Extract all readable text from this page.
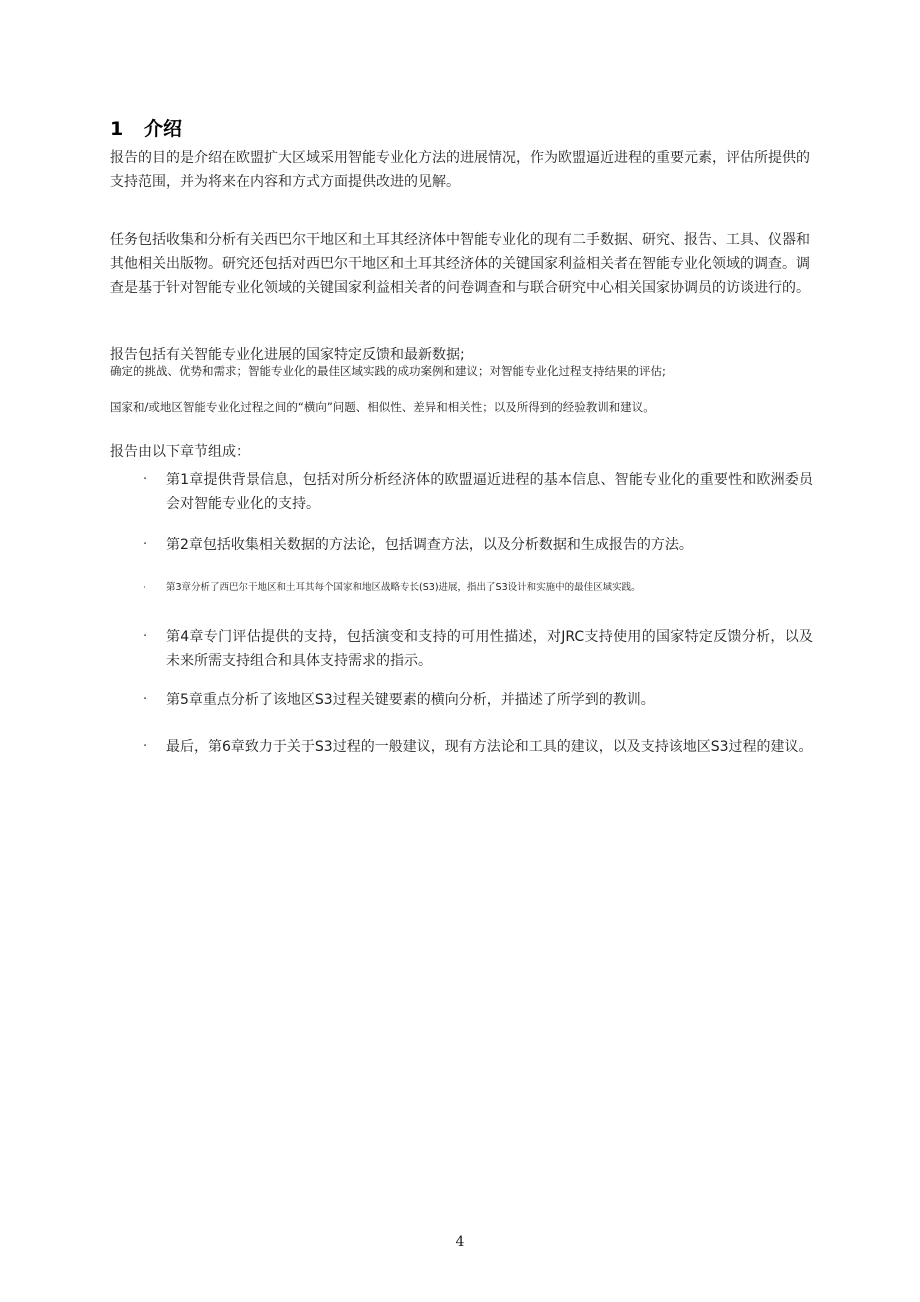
1 介绍

报告的目的是介绍在欧盟扩大区域采用智能专业化方法的进展情况，作为欧盟逼近进程的重要元素，评估所提供的支持范围，并为将来在内容和方式方面提供改进的见解。

任务包括收集和分析有关西巴尔干地区和土耳其经济体中智能专业化的现有二手数据、研究、报告、工具、仪器和其他相关出版物。研究还包括对西巴尔干地区和土耳其经济体的关键国家利益相关者在智能专业化领域的调查。调查是基于针对智能专业化领域的关键国家利益相关者的问卷调查和与联合研究中心相关国家协调员的访谈进行的。

报告包括有关智能专业化进展的国家特定反馈和最新数据;
确定的挑战、优势和需求；智能专业化的最佳区域实践的成功案例和建议；对智能专业化过程支持结果的评估;
国家和/或地区智能专业化过程之间的“横向”问题、相似性、差异和相关性；以及所得到的经验教训和建议。
报告由以下章节组成：
· 第1章提供背景信息，包括对所分析经济体的欧盟逼近进程的基本信息、智能专业化的重要性和欧洲委员会对智能专业化的支持。
· 第2章包括收集相关数据的方法论，包括调查方法，以及分析数据和生成报告的方法。
· 第3章分析了西巴尔干地区和土耳其每个国家和地区战略专长(S3)进展，指出了S3设计和实施中的最佳区域实践。
· 第4章专门评估提供的支持，包括演变和支持的可用性描述，对JRC支持使用的国家特定反馈分析，以及未来所需支持组合和具体支持需求的指示。
· 第5章重点分析了该地区S3过程关键要素的横向分析，并描述了所学到的教训。
· 最后，第6章致力于关于S3过程的一般建议，现有方法论和工具的建议，以及支持该地区S3过程的建议。
4
